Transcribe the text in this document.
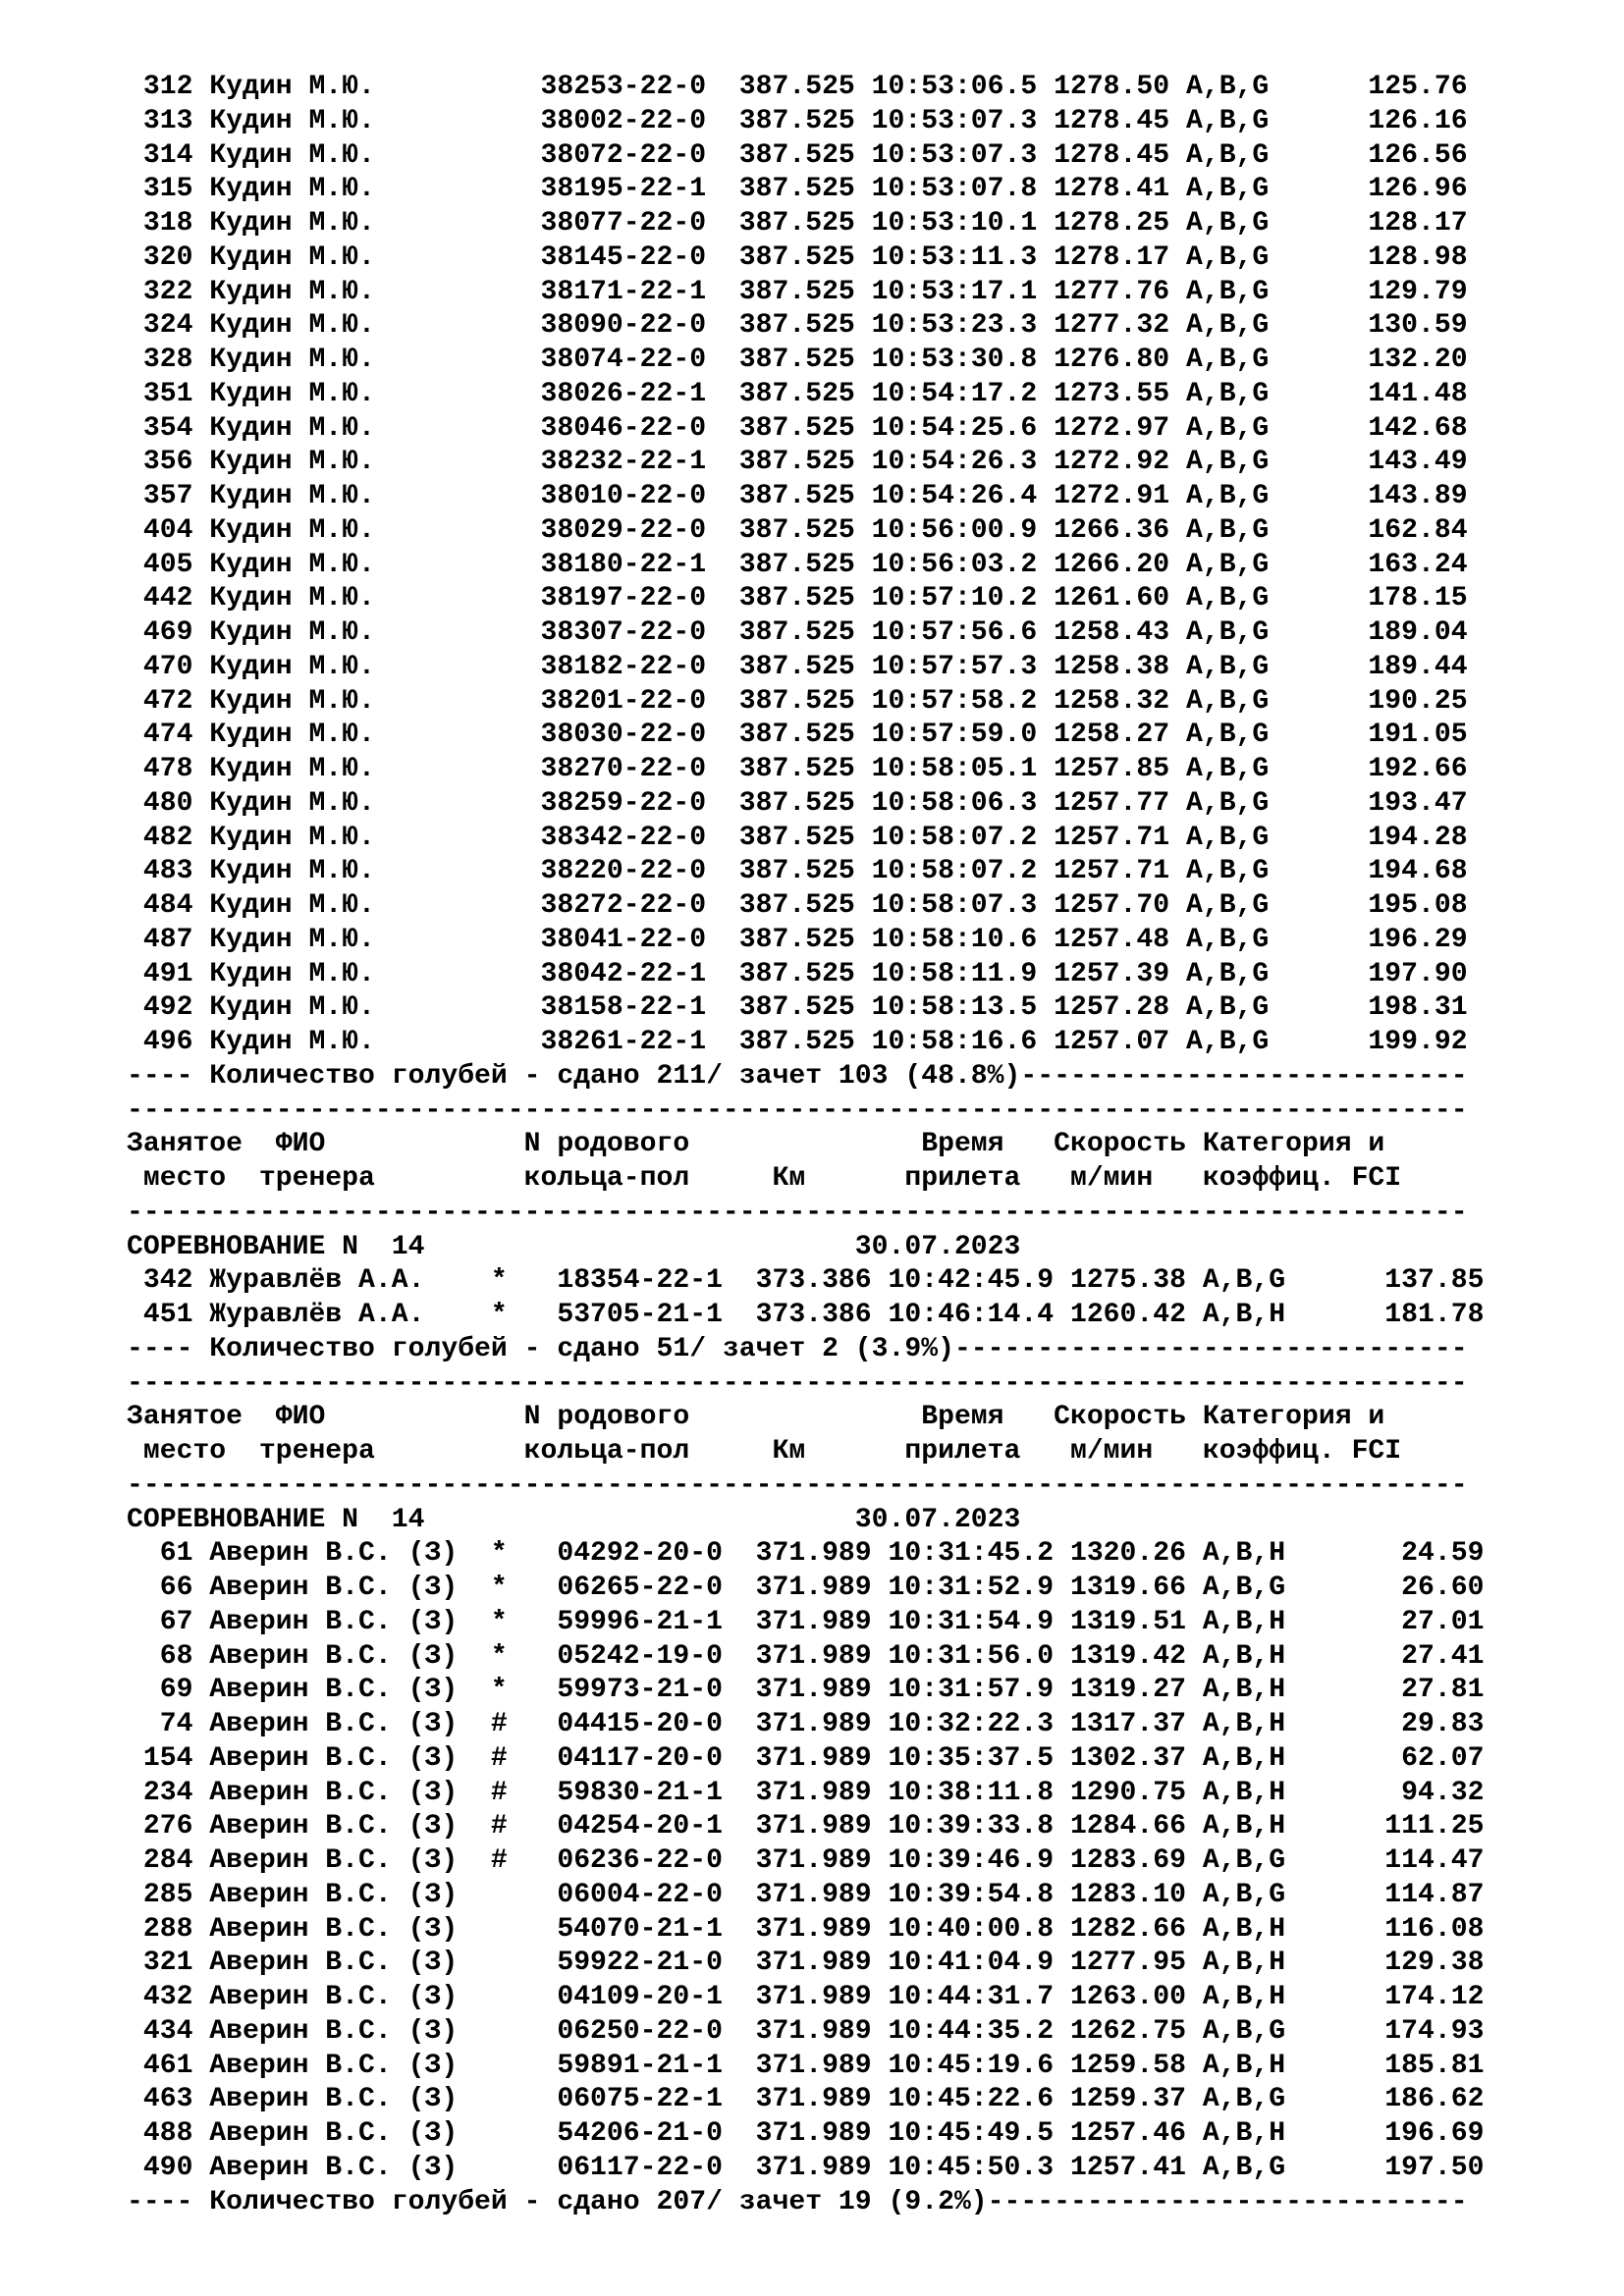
312 Кудин М.Ю.          38253-22-0  387.525 10:53:06.5 1278.50 A,B,G      125.76
313 Кудин М.Ю.          38002-22-0  387.525 10:53:07.3 1278.45 A,B,G      126.16
314 Кудин М.Ю.          38072-22-0  387.525 10:53:07.3 1278.45 A,B,G      126.56
315 Кудин М.Ю.          38195-22-1  387.525 10:53:07.8 1278.41 A,B,G      126.96
318 Кудин М.Ю.          38077-22-0  387.525 10:53:10.1 1278.25 A,B,G      128.17
320 Кудин М.Ю.          38145-22-0  387.525 10:53:11.3 1278.17 A,B,G      128.98
322 Кудин М.Ю.          38171-22-1  387.525 10:53:17.1 1277.76 A,B,G      129.79
324 Кудин М.Ю.          38090-22-0  387.525 10:53:23.3 1277.32 A,B,G      130.59
328 Кудин М.Ю.          38074-22-0  387.525 10:53:30.8 1276.80 A,B,G      132.20
351 Кудин М.Ю.          38026-22-1  387.525 10:54:17.2 1273.55 A,B,G      141.48
354 Кудин М.Ю.          38046-22-0  387.525 10:54:25.6 1272.97 A,B,G      142.68
356 Кудин М.Ю.          38232-22-1  387.525 10:54:26.3 1272.92 A,B,G      143.49
357 Кудин М.Ю.          38010-22-0  387.525 10:54:26.4 1272.91 A,B,G      143.89
404 Кудин М.Ю.          38029-22-0  387.525 10:56:00.9 1266.36 A,B,G      162.84
405 Кудин М.Ю.          38180-22-1  387.525 10:56:03.2 1266.20 A,B,G      163.24
442 Кудин М.Ю.          38197-22-0  387.525 10:57:10.2 1261.60 A,B,G      178.15
469 Кудин М.Ю.          38307-22-0  387.525 10:57:56.6 1258.43 A,B,G      189.04
470 Кудин М.Ю.          38182-22-0  387.525 10:57:57.3 1258.38 A,B,G      189.44
472 Кудин М.Ю.          38201-22-0  387.525 10:57:58.2 1258.32 A,B,G      190.25
474 Кудин М.Ю.          38030-22-0  387.525 10:57:59.0 1258.27 A,B,G      191.05
478 Кудин М.Ю.          38270-22-0  387.525 10:58:05.1 1257.85 A,B,G      192.66
480 Кудин М.Ю.          38259-22-0  387.525 10:58:06.3 1257.77 A,B,G      193.47
482 Кудин М.Ю.          38342-22-0  387.525 10:58:07.2 1257.71 A,B,G      194.28
483 Кудин М.Ю.          38220-22-0  387.525 10:58:07.2 1257.71 A,B,G      194.68
484 Кудин М.Ю.          38272-22-0  387.525 10:58:07.3 1257.70 A,B,G      195.08
487 Кудин М.Ю.          38041-22-0  387.525 10:58:10.6 1257.48 A,B,G      196.29
491 Кудин М.Ю.          38042-22-1  387.525 10:58:11.9 1257.39 A,B,G      197.90
492 Кудин М.Ю.          38158-22-1  387.525 10:58:13.5 1257.28 A,B,G      198.31
496 Кудин М.Ю.          38261-22-1  387.525 10:58:16.6 1257.07 A,B,G      199.92
---- Количество голубей - сдано 211/ зачет 103 (48.8%)---------------------------
---------------------------------------------------------------------------------
Занятое  ФИО            N родового              Время   Скорость Категория и
место  тренера         кольца-пол     Км      прилета   м/мин   коэффиц. FCI
---------------------------------------------------------------------------------
СОРЕВНОВАНИЕ N  14                          30.07.2023
342 Журавлёв А.А.    *   18354-22-1  373.386 10:42:45.9 1275.38 A,B,G      137.85
451 Журавлёв А.А.    *   53705-21-1  373.386 10:46:14.4 1260.42 A,B,H      181.78
---- Количество голубей - сдано 51/ зачет 2 (3.9%)-------------------------------
---------------------------------------------------------------------------------
Занятое  ФИО            N родового              Время   Скорость Категория и
место  тренера         кольца-пол     Км      прилета   м/мин   коэффиц. FCI
---------------------------------------------------------------------------------
СОРЕВНОВАНИЕ N  14                          30.07.2023
61 Аверин В.С. (З)  *   04292-20-0  371.989 10:31:45.2 1320.26 A,B,H       24.59
66 Аверин В.С. (З)  *   06265-22-0  371.989 10:31:52.9 1319.66 A,B,G       26.60
67 Аверин В.С. (З)  *   59996-21-1  371.989 10:31:54.9 1319.51 A,B,H       27.01
68 Аверин В.С. (З)  *   05242-19-0  371.989 10:31:56.0 1319.42 A,B,H       27.41
69 Аверин В.С. (З)  *   59973-21-0  371.989 10:31:57.9 1319.27 A,B,H       27.81
74 Аверин В.С. (З)  #   04415-20-0  371.989 10:32:22.3 1317.37 A,B,H       29.83
154 Аверин В.С. (З)  #   04117-20-0  371.989 10:35:37.5 1302.37 A,B,H       62.07
234 Аверин В.С. (З)  #   59830-21-1  371.989 10:38:11.8 1290.75 A,B,H       94.32
276 Аверин В.С. (З)  #   04254-20-1  371.989 10:39:33.8 1284.66 A,B,H      111.25
284 Аверин В.С. (З)  #   06236-22-0  371.989 10:39:46.9 1283.69 A,B,G      114.47
285 Аверин В.С. (З)      06004-22-0  371.989 10:39:54.8 1283.10 A,B,G      114.87
288 Аверин В.С. (З)      54070-21-1  371.989 10:40:00.8 1282.66 A,B,H      116.08
321 Аверин В.С. (З)      59922-21-0  371.989 10:41:04.9 1277.95 A,B,H      129.38
432 Аверин В.С. (З)      04109-20-1  371.989 10:44:31.7 1263.00 A,B,H      174.12
434 Аверин В.С. (З)      06250-22-0  371.989 10:44:35.2 1262.75 A,B,G      174.93
461 Аверин В.С. (З)      59891-21-1  371.989 10:45:19.6 1259.58 A,B,H      185.81
463 Аверин В.С. (З)      06075-22-1  371.989 10:45:22.6 1259.37 A,B,G      186.62
488 Аверин В.С. (З)      54206-21-0  371.989 10:45:49.5 1257.46 A,B,H      196.69
490 Аверин В.С. (З)      06117-22-0  371.989 10:45:50.3 1257.41 A,B,G      197.50
---- Количество голубей - сдано 207/ зачет 19 (9.2%)-----------------------------
